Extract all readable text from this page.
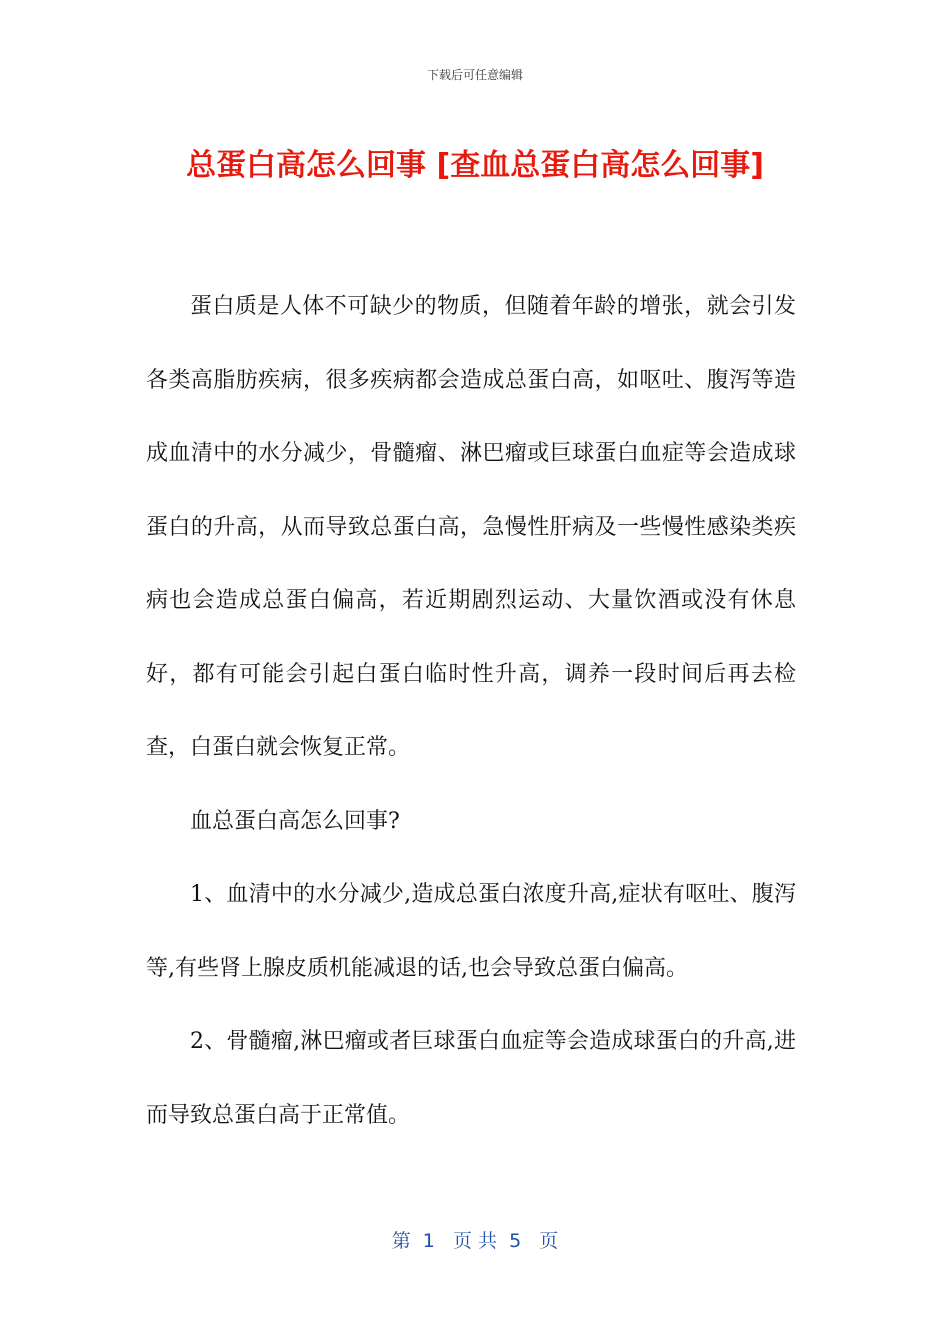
下载后可任意编辑
总蛋白高怎么回事 [查血总蛋白高怎么回事]

蛋白质是人体不可缺少的物质，但随着年龄的增张，就会引发各类高脂肪疾病，很多疾病都会造成总蛋白高，如呕吐、腹泻等造成血清中的水分减少，骨髓瘤、淋巴瘤或巨球蛋白血症等会造成球蛋白的升高，从而导致总蛋白高，急慢性肝病及一些慢性感染类疾病也会造成总蛋白偏高，若近期剧烈运动、大量饮酒或没有休息好，都有可能会引起白蛋白临时性升高，调养一段时间后再去检查，白蛋白就会恢复正常。

血总蛋白高怎么回事?

1、血清中的水分减少,造成总蛋白浓度升高,症状有呕吐、腹泻等,有些肾上腺皮质机能减退的话,也会导致总蛋白偏高。

2、骨髓瘤,淋巴瘤或者巨球蛋白血症等会造成球蛋白的升高,进而导致总蛋白高于正常值。

第  1   页 共  5   页
